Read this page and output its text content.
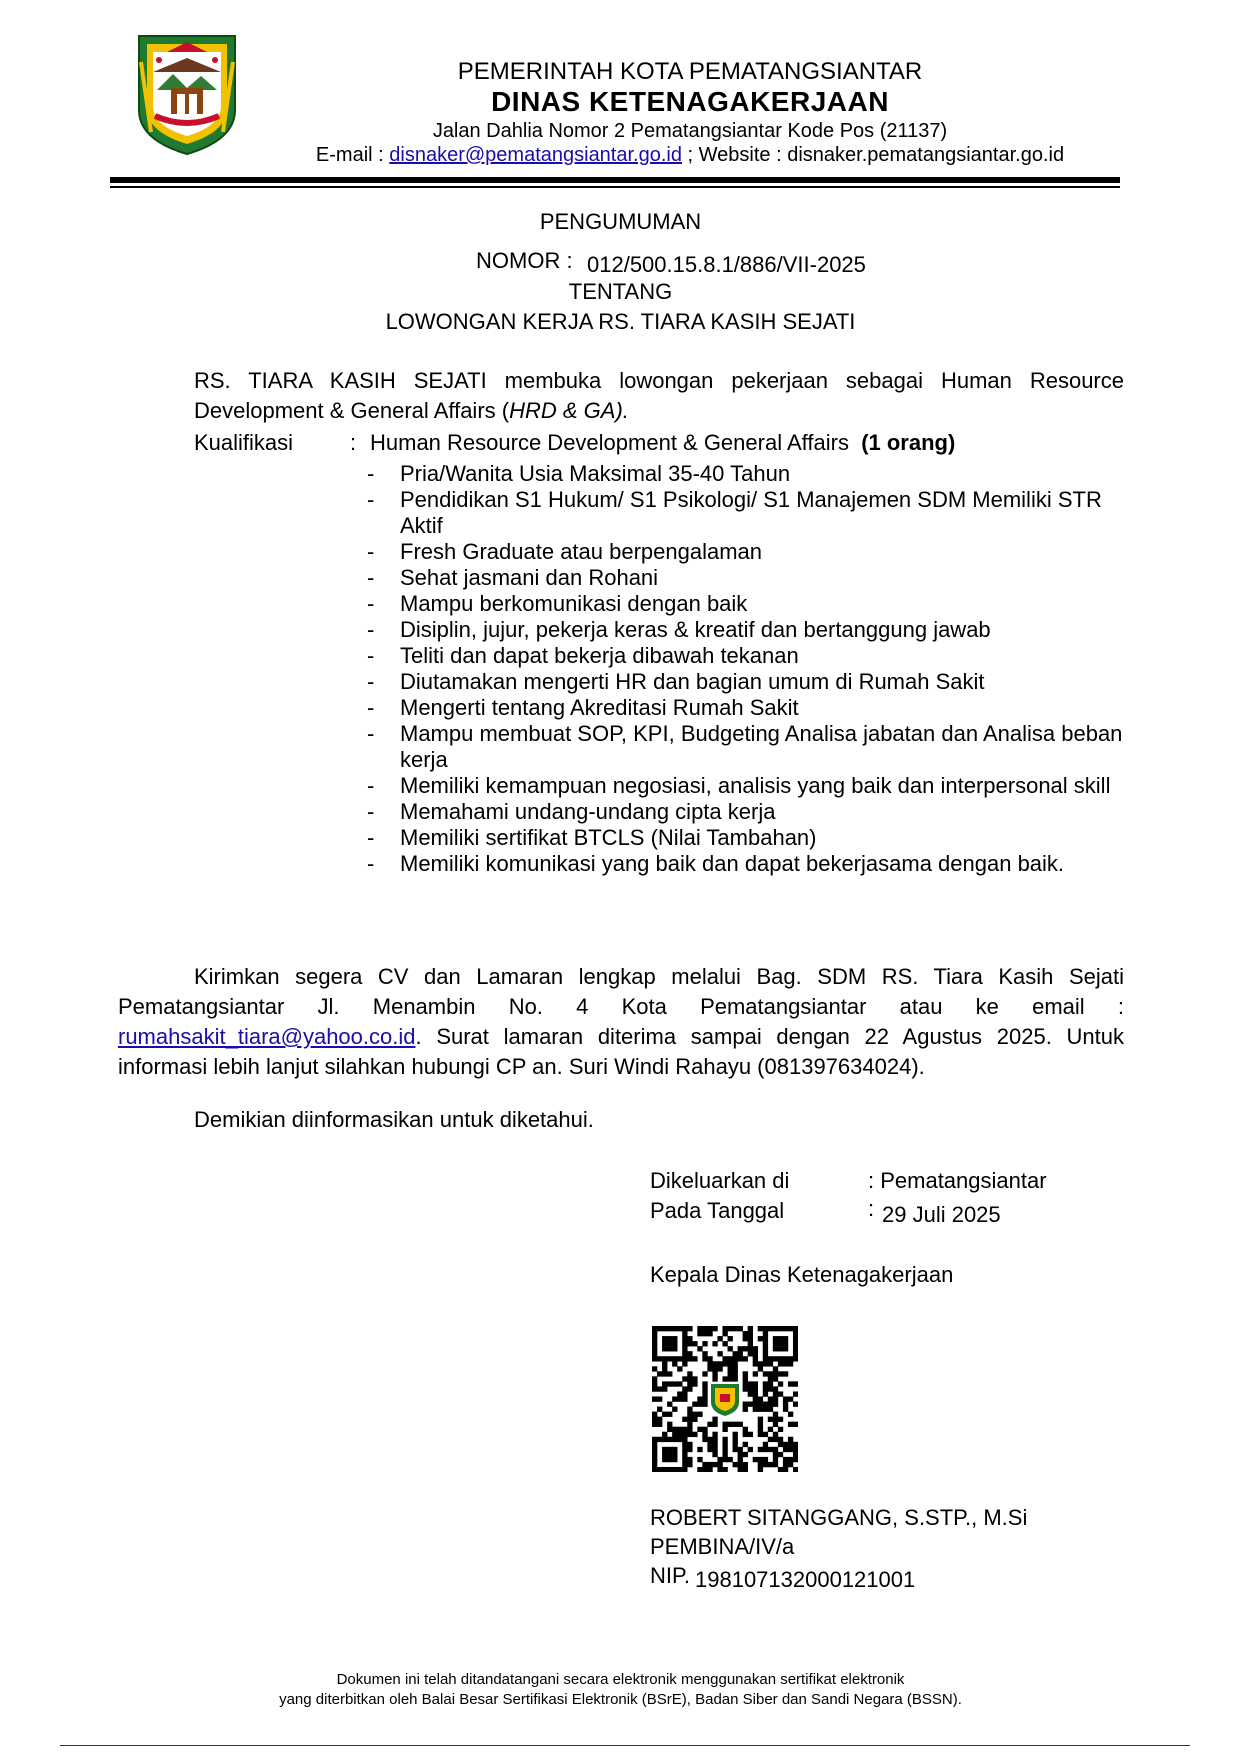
PEMERINTAH KOTA PEMATANGSIANTAR
DINAS KETENAGAKERJAAN
Jalan Dahlia Nomor 2 Pematangsiantar Kode Pos (21137)
E-mail : disnaker@pematangsiantar.go.id ; Website : disnaker.pematangsiantar.go.id
PENGUMUMAN
NOMOR : 012/500.15.8.1/886/VII-2025
TENTANG
LOWONGAN KERJA RS. TIARA KASIH SEJATI
RS. TIARA KASIH SEJATI membuka lowongan pekerjaan sebagai Human Resource Development & General Affairs (HRD & GA).
Kualifikasi	: Human Resource Development & General Affairs (1 orang)
- Pria/Wanita Usia Maksimal 35-40 Tahun
- Pendidikan S1 Hukum/ S1 Psikologi/ S1 Manajemen SDM Memiliki STR Aktif
- Fresh Graduate atau berpengalaman
- Sehat jasmani dan Rohani
- Mampu berkomunikasi dengan baik
- Disiplin, jujur, pekerja keras & kreatif dan bertanggung jawab
- Teliti dan dapat bekerja dibawah tekanan
- Diutamakan mengerti HR dan bagian umum di Rumah Sakit
- Mengerti tentang Akreditasi Rumah Sakit
- Mampu membuat SOP, KPI, Budgeting Analisa jabatan dan Analisa beban kerja
- Memiliki kemampuan negosiasi, analisis yang baik dan interpersonal skill
- Memahami undang-undang cipta kerja
- Memiliki sertifikat BTCLS (Nilai Tambahan)
- Memiliki komunikasi yang baik dan dapat bekerjasama dengan baik.
Kirimkan segera CV dan Lamaran lengkap melalui Bag. SDM RS. Tiara Kasih Sejati Pematangsiantar Jl. Menambin No. 4 Kota Pematangsiantar atau ke email : rumahsakit_tiara@yahoo.co.id. Surat lamaran diterima sampai dengan 22 Agustus 2025. Untuk informasi lebih lanjut silahkan hubungi CP an. Suri Windi Rahayu (081397634024).
Demikian diinformasikan untuk diketahui.
Dikeluarkan di	: Pematangsiantar
Pada Tanggal	: 29 Juli 2025
Kepala Dinas Ketenagakerjaan
ROBERT SITANGGANG, S.STP., M.Si
PEMBINA/IV/a
NIP. 198107132000121001
Dokumen ini telah ditandatangani secara elektronik menggunakan sertifikat elektronik
yang diterbitkan oleh Balai Besar Sertifikasi Elektronik (BSrE), Badan Siber dan Sandi Negara (BSSN).
